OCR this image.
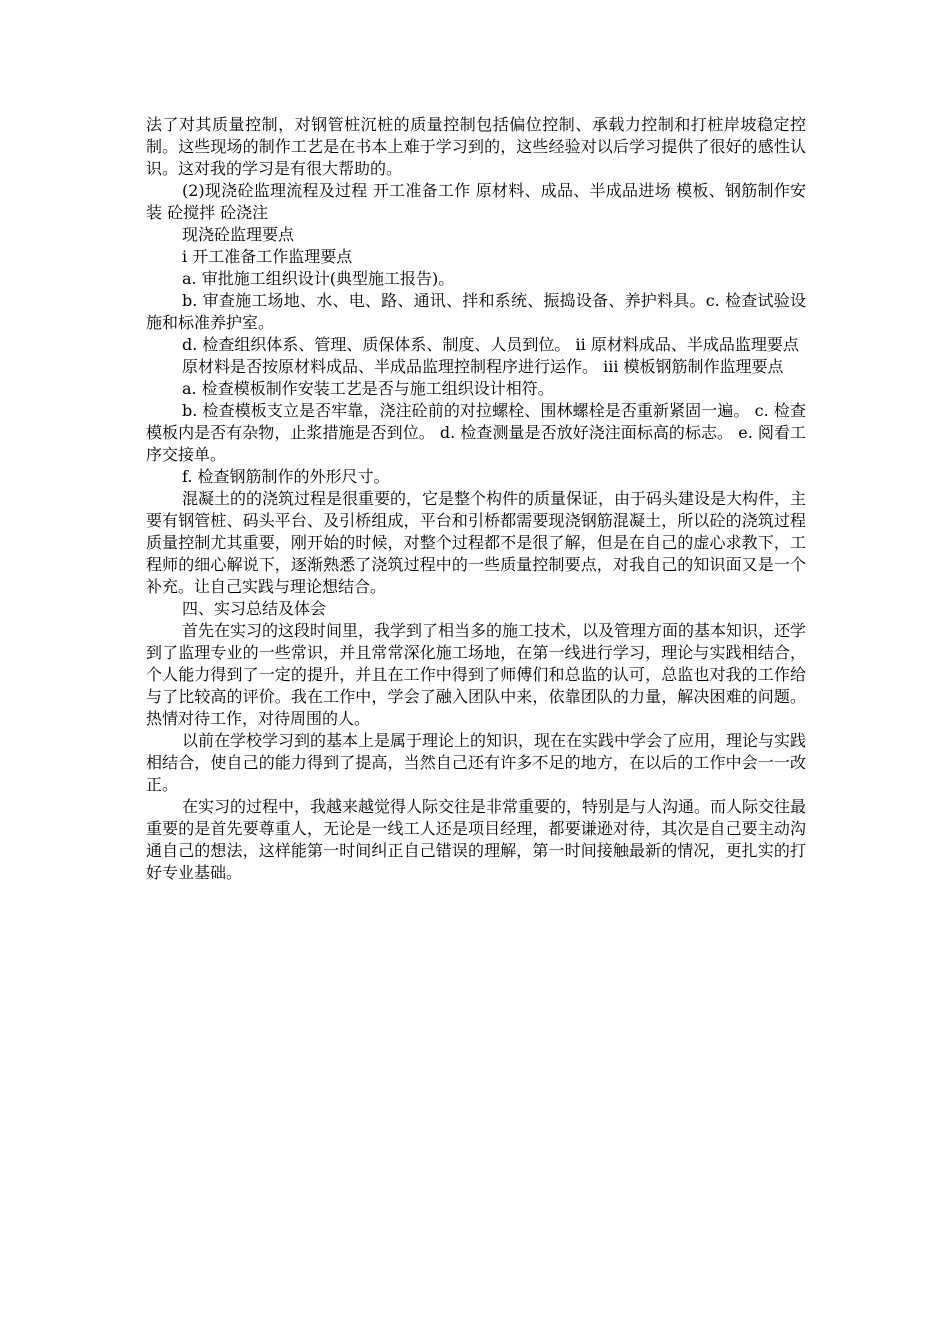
法了对其质量控制，对钢管桩沉桩的质量控制包括偏位控制、承载力控制和打桩岸坡稳定控制。这些现场的制作工艺是在书本上难于学习到的，这些经验对以后学习提供了很好的感性认识。这对我的学习是有很大帮助的。

(2)现浇砼监理流程及过程 开工准备工作 原材料、成品、半成品进场 模板、钢筋制作安装 砼搅拌 砼浇注

现浇砼监理要点

i 开工准备工作监理要点

a. 审批施工组织设计(典型施工报告)。

b. 审查施工场地、水、电、路、通讯、拌和系统、振捣设备、养护料具。c. 检查试验设施和标准养护室。

d. 检查组织体系、管理、质保体系、制度、人员到位。 ii 原材料成品、半成品监理要点

原材料是否按原材料成品、半成品监理控制程序进行运作。 iii 模板钢筋制作监理要点

a. 检查模板制作安装工艺是否与施工组织设计相符。

b. 检查模板支立是否牢靠，浇注砼前的对拉螺栓、围林螺栓是否重新紧固一遍。 c. 检查模板内是否有杂物，止浆措施是否到位。 d. 检查测量是否放好浇注面标高的标志。 e. 阅看工序交接单。

f. 检查钢筋制作的外形尺寸。

混凝土的的浇筑过程是很重要的，它是整个构件的质量保证，由于码头建设是大构件，主要有钢管桩、码头平台、及引桥组成，平台和引桥都需要现浇钢筋混凝土，所以砼的浇筑过程质量控制尤其重要，刚开始的时候，对整个过程都不是很了解，但是在自己的虚心求教下，工程师的细心解说下，逐渐熟悉了浇筑过程中的一些质量控制要点，对我自己的知识面又是一个补充。让自己实践与理论想结合。

四、实习总结及体会

首先在实习的这段时间里，我学到了相当多的施工技术，以及管理方面的基本知识，还学到了监理专业的一些常识，并且常常深化施工场地，在第一线进行学习，理论与实践相结合，个人能力得到了一定的提升，并且在工作中得到了师傅们和总监的认可，总监也对我的工作给与了比较高的评价。我在工作中，学会了融入团队中来，依靠团队的力量，解决困难的问题。热情对待工作，对待周围的人。

以前在学校学习到的基本上是属于理论上的知识，现在在实践中学会了应用，理论与实践相结合，使自己的能力得到了提高，当然自己还有许多不足的地方，在以后的工作中会一一改正。

在实习的过程中，我越来越觉得人际交往是非常重要的，特别是与人沟通。而人际交往最重要的是首先要尊重人，无论是一线工人还是项目经理，都要谦逊对待，其次是自己要主动沟通自己的想法，这样能第一时间纠正自己错误的理解，第一时间接触最新的情况，更扎实的打好专业基础。
